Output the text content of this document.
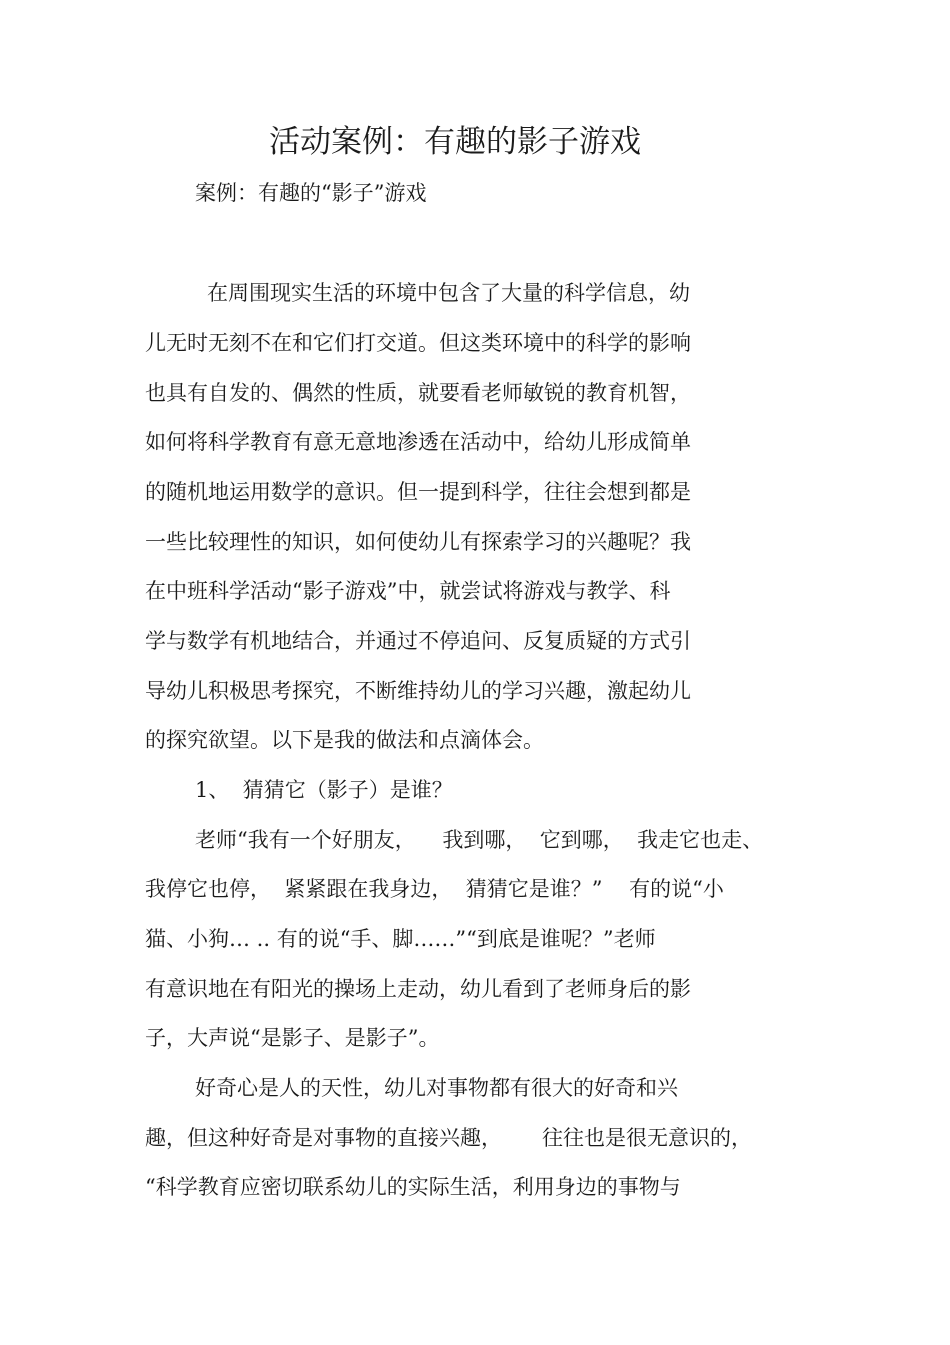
活动案例：有趣的影子游戏
案例：有趣的“影子”游戏
在周围现实生活的环境中包含了大量的科学信息，幼
儿无时无刻不在和它们打交道。但这类环境中的科学的影响
也具有自发的、偶然的性质，就要看老师敏锐的教育机智，
如何将科学教育有意无意地渗透在活动中，给幼儿形成简单
的随机地运用数学的意识。但一提到科学，往往会想到都是
一些比较理性的知识，如何使幼儿有探索学习的兴趣呢？我
在中班科学活动“影子游戏”中，就尝试将游戏与教学、科
学与数学有机地结合，并通过不停追问、反复质疑的方式引
导幼儿积极思考探究，不断维持幼儿的学习兴趣，激起幼儿
的探究欲望。以下是我的做法和点滴体会。
1、  猜猜它（影子）是谁？
老师“我有一个好朋友，    我到哪，  它到哪，  我走它也走、
我停它也停，  紧紧跟在我身边，  猜猜它是谁？”    有的说“小
猫、小狗… .. 有的说“手、脚……”“到底是谁呢？”老师
有意识地在有阳光的操场上走动，幼儿看到了老师身后的影
子，大声说“是影子、是影子”。
好奇心是人的天性，幼儿对事物都有很大的好奇和兴
趣，但这种好奇是对事物的直接兴趣，      往往也是很无意识的，
“科学教育应密切联系幼儿的实际生活，利用身边的事物与
